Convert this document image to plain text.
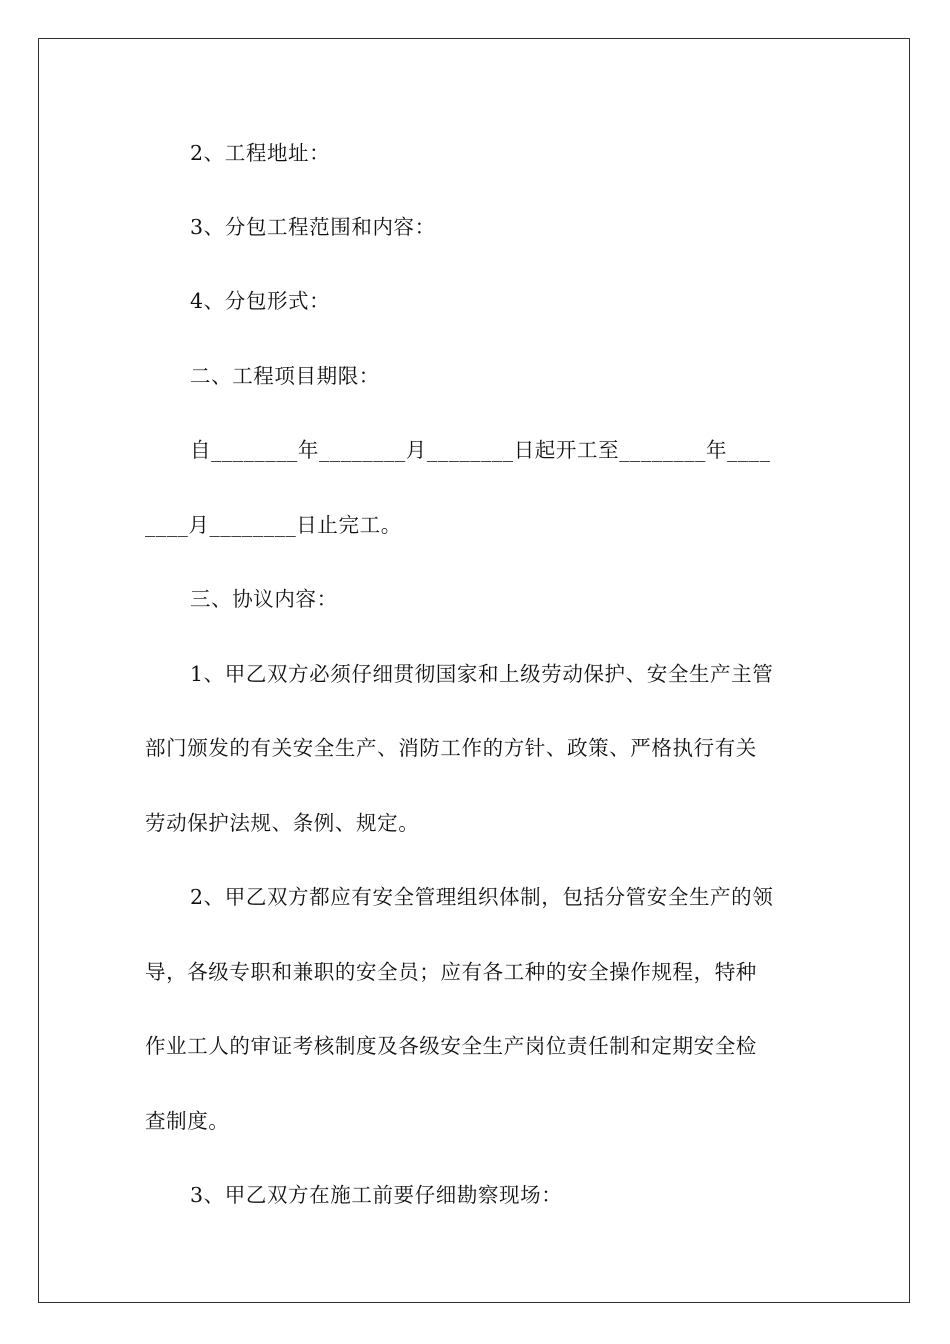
2、工程地址：
3、分包工程范围和内容：
4、分包形式：
二、工程项目期限：
自________年________月________日起开工至________年____
____月________日止完工。
三、协议内容：
1、甲乙双方必须仔细贯彻国家和上级劳动保护、安全生产主管
部门颁发的有关安全生产、消防工作的方针、政策、严格执行有关
劳动保护法规、条例、规定。
2、甲乙双方都应有安全管理组织体制，包括分管安全生产的领
导，各级专职和兼职的安全员；应有各工种的安全操作规程，特种
作业工人的审证考核制度及各级安全生产岗位责任制和定期安全检
查制度。
3、甲乙双方在施工前要仔细勘察现场：
